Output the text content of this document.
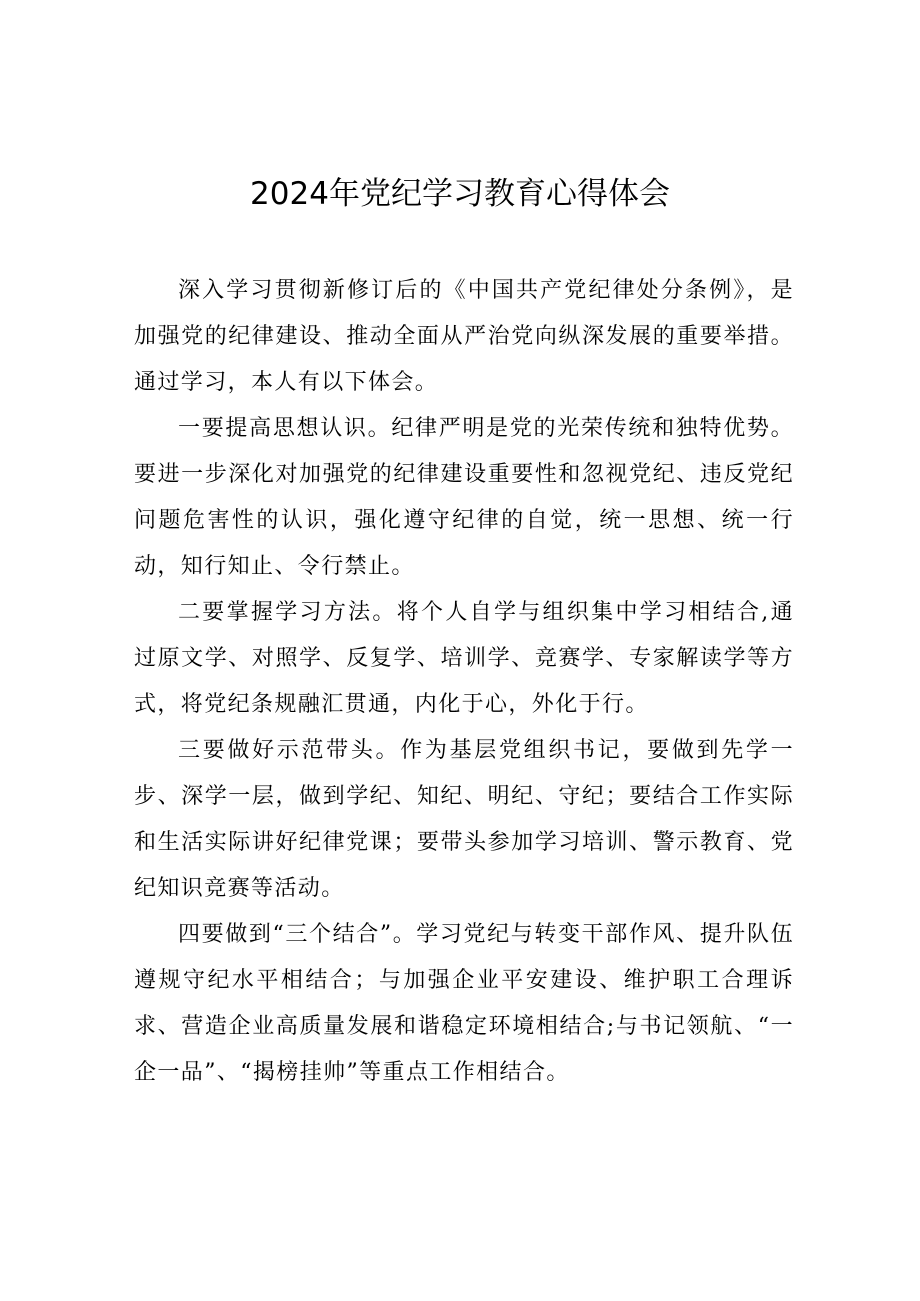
2024年党纪学习教育心得体会

深入学习贯彻新修订后的《中国共产党纪律处分条例》，是加强党的纪律建设、推动全面从严治党向纵深发展的重要举措。通过学习，本人有以下体会。

一要提高思想认识。纪律严明是党的光荣传统和独特优势。要进一步深化对加强党的纪律建设重要性和忽视党纪、违反党纪问题危害性的认识，强化遵守纪律的自觉，统一思想、统一行动，知行知止、令行禁止。

二要掌握学习方法。将个人自学与组织集中学习相结合,通过原文学、对照学、反复学、培训学、竞赛学、专家解读学等方式，将党纪条规融汇贯通，内化于心，外化于行。

三要做好示范带头。作为基层党组织书记，要做到先学一步、深学一层，做到学纪、知纪、明纪、守纪；要结合工作实际和生活实际讲好纪律党课；要带头参加学习培训、警示教育、党纪知识竞赛等活动。

四要做到“三个结合”。学习党纪与转变干部作风、提升队伍遵规守纪水平相结合；与加强企业平安建设、维护职工合理诉求、营造企业高质量发展和谐稳定环境相结合;与书记领航、“一企一品”、“揭榜挂帅”等重点工作相结合。
